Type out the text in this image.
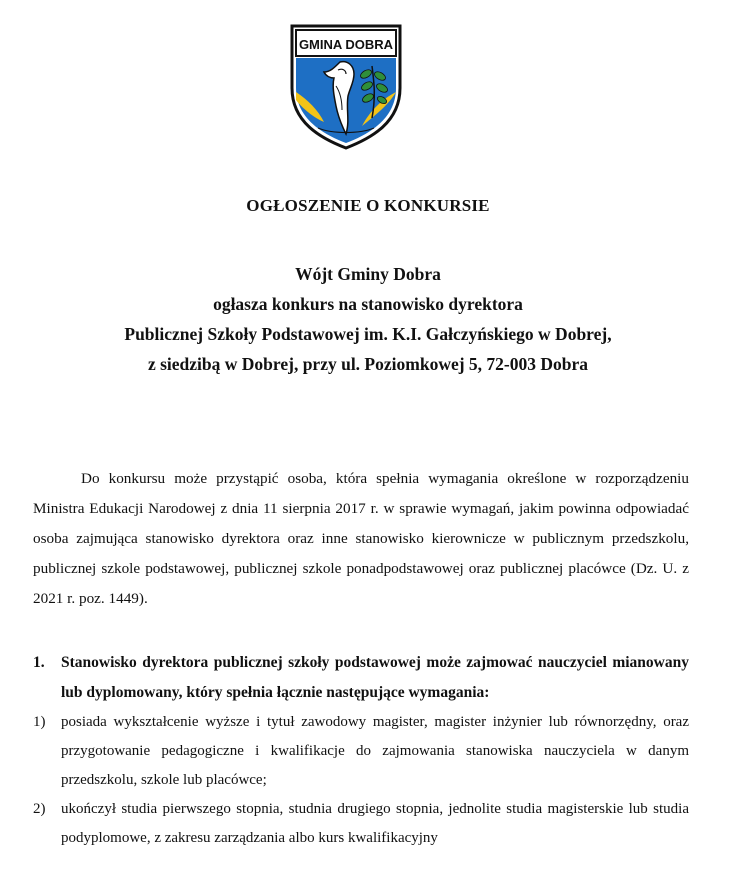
GMINA DOBRA
OGŁOSZENIE O KONKURSIE
Wójt Gminy Dobra
ogłasza konkurs na stanowisko dyrektora
Publicznej Szkoły Podstawowej im. K.I. Gałczyńskiego w Dobrej,
z siedzibą w Dobrej, przy ul. Poziomkowej 5, 72-003 Dobra

Do konkursu może przystąpić osoba, która spełnia wymagania określone w rozporządzeniu Ministra Edukacji Narodowej z dnia 11 sierpnia 2017 r. w sprawie wymagań, jakim powinna odpowiadać osoba zajmująca stanowisko dyrektora oraz inne stanowisko kierownicze w publicznym przedszkolu, publicznej szkole podstawowej, publicznej szkole ponadpodstawowej oraz publicznej placówce (Dz. U. z 2021 r. poz. 1449).

1. Stanowisko dyrektora publicznej szkoły podstawowej może zajmować nauczyciel mianowany lub dyplomowany, który spełnia łącznie następujące wymagania:
1) posiada wykształcenie wyższe i tytuł zawodowy magister, magister inżynier lub równorzędny, oraz przygotowanie pedagogiczne i kwalifikacje do zajmowania stanowiska nauczyciela w danym przedszkolu, szkole lub placówce;
2) ukończył studia pierwszego stopnia, studnia drugiego stopnia, jednolite studia magisterskie lub studia podyplomowe, z zakresu zarządzania albo kurs kwalifikacyjny
